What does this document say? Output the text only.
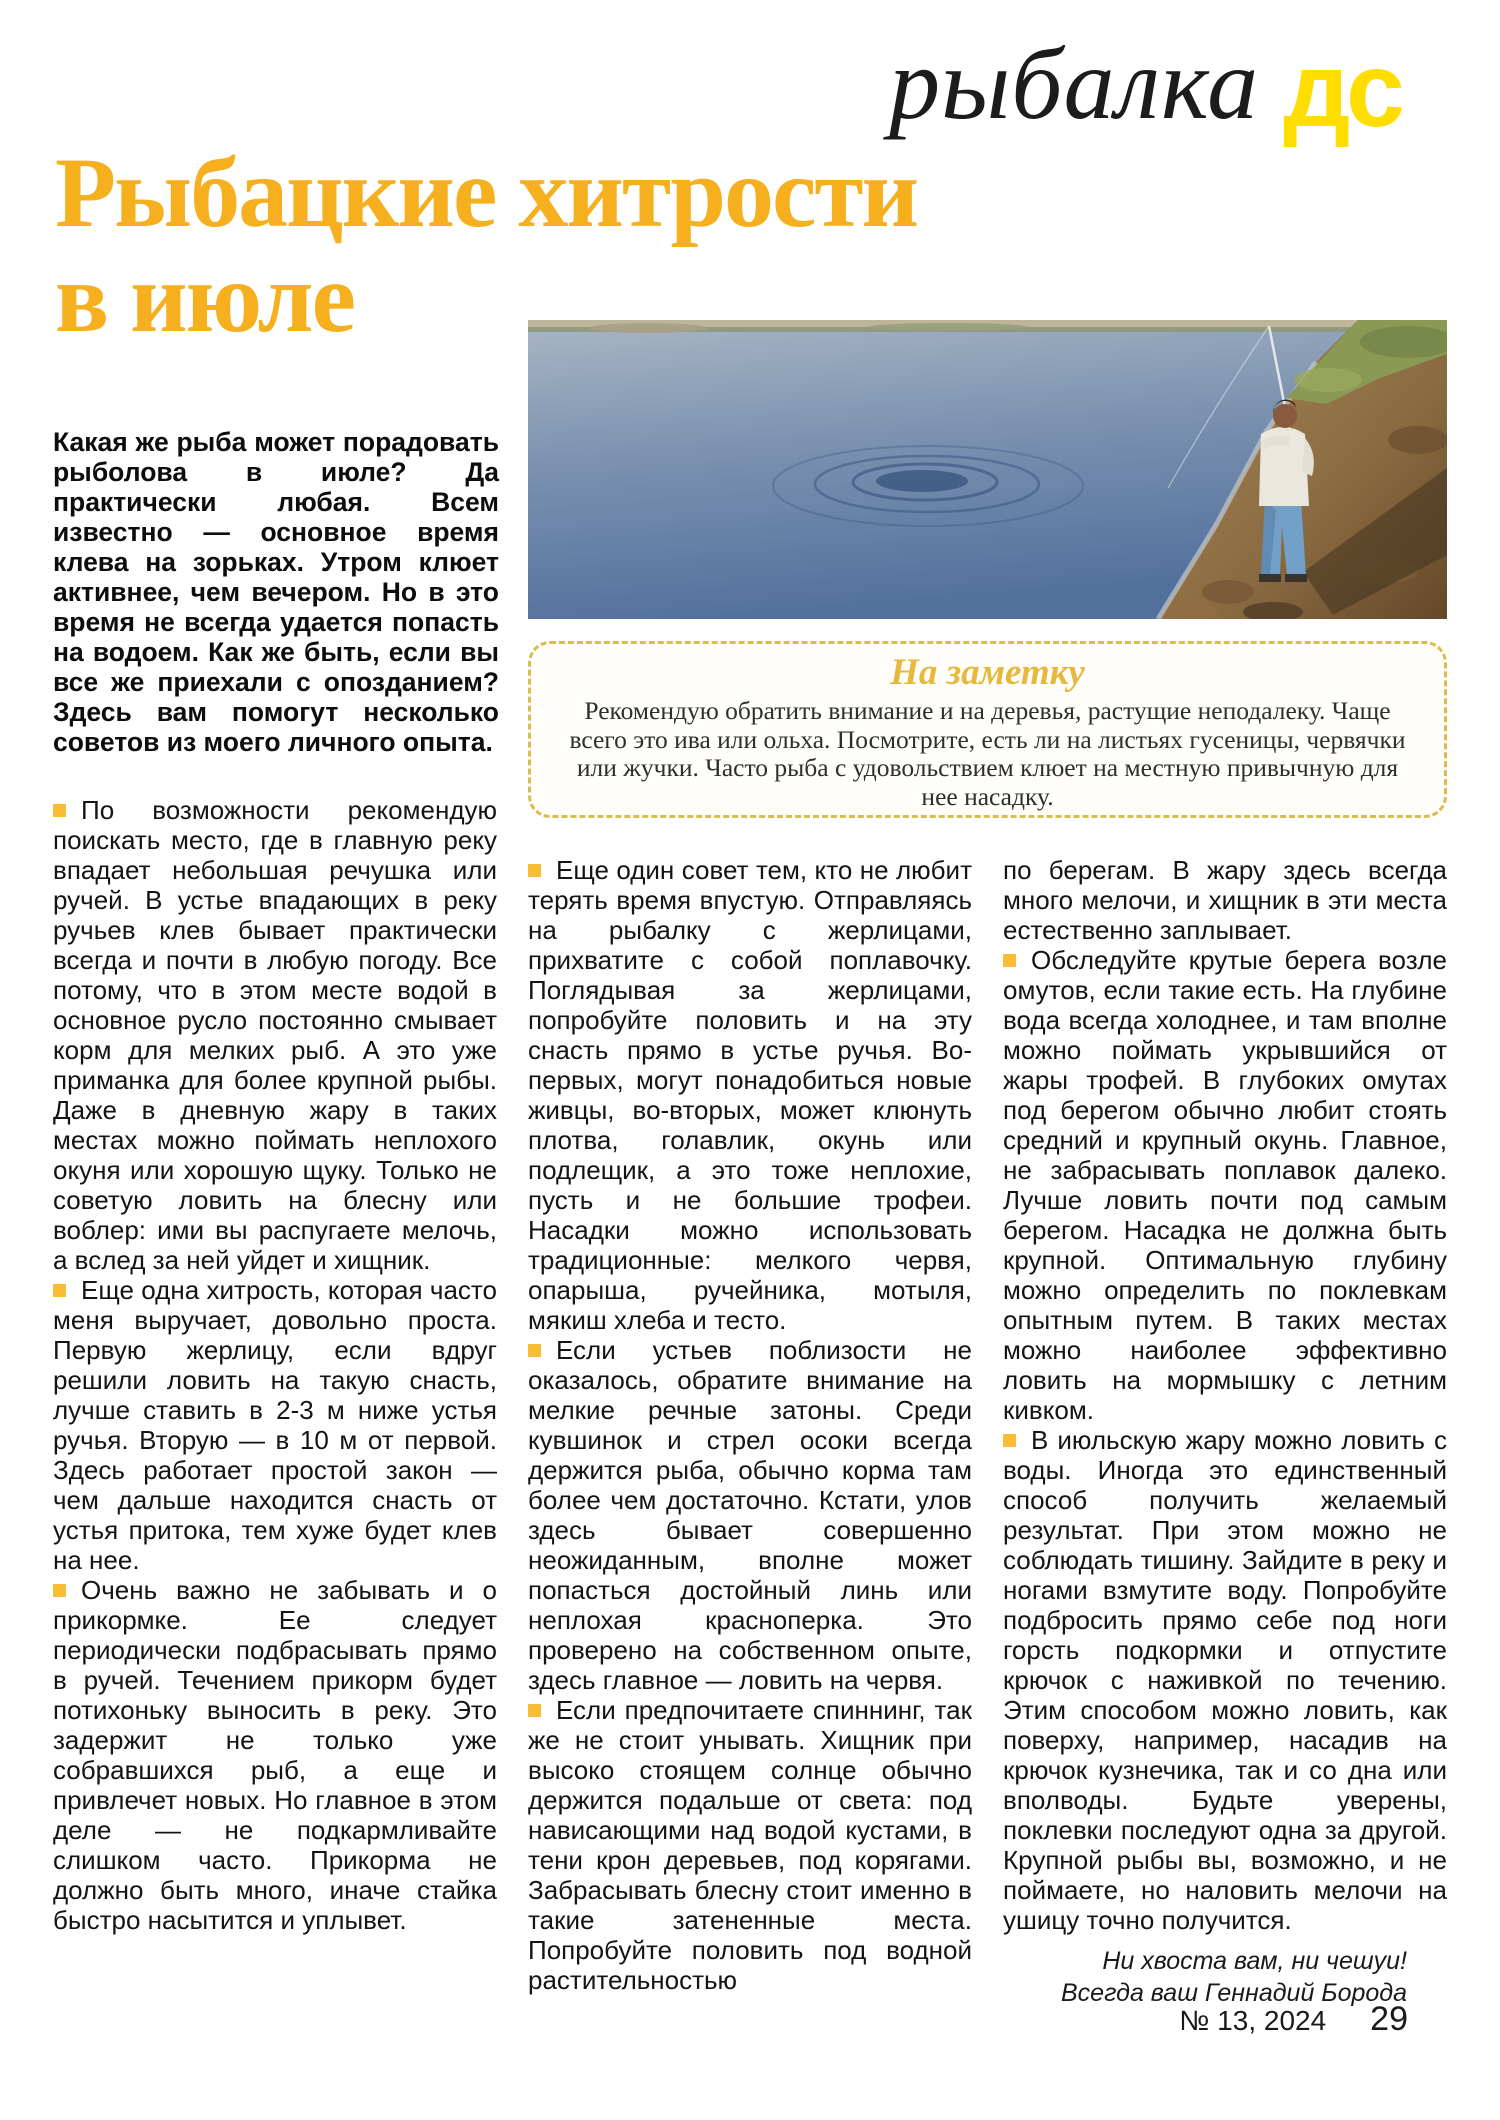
рыбалка дс
Рыбацкие хитрости
в июле

Какая же рыба может порадовать рыболова в июле? Да практически любая. Всем известно — основное время клева на зорьках. Утром клюет активнее, чем вечером. Но в это время не всегда удается попасть на водоем. Как же быть, если вы все же приехали с опозданием? Здесь вам помогут несколько советов из моего личного опыта.

На заметку
Рекомендую обратить внимание и на деревья, растущие неподалеку. Чаще всего это ива или ольха. Посмотрите, есть ли на листьях гусеницы, червячки или жучки. Часто рыба с удовольствием клюет на местную привычную для нее насадку.

По возможности рекомендую поискать место, где в главную реку впадает небольшая речушка или ручей. В устье впадающих в реку ручьев клев бывает практически всегда и почти в любую погоду. Все потому, что в этом месте водой в основное русло постоянно смывает корм для мелких рыб. А это уже приманка для более крупной рыбы. Даже в дневную жару в таких местах можно поймать неплохого окуня или хорошую щуку. Только не советую ловить на блесну или воблер: ими вы распугаете мелочь, а вслед за ней уйдет и хищник.

Еще одна хитрость, которая часто меня выручает, довольно проста. Первую жерлицу, если вдруг решили ловить на такую снасть, лучше ставить в 2-3 м ниже устья ручья. Вторую — в 10 м от первой. Здесь работает простой закон — чем дальше находится снасть от устья притока, тем хуже будет клев на нее.

Очень важно не забывать и о прикормке. Ее следует периодически подбрасывать прямо в ручей. Течением прикорм будет потихоньку выносить в реку. Это задержит не только уже собравшихся рыб, а еще и привлечет новых. Но главное в этом деле — не подкармливайте слишком часто. Прикорма не должно быть много, иначе стайка быстро насытится и уплывет.

Еще один совет тем, кто не любит терять время впустую. Отправляясь на рыбалку с жерлицами, прихватите с собой поплавочку. Поглядывая за жерлицами, попробуйте половить и на эту снасть прямо в устье ручья. Во-первых, могут понадобиться новые живцы, во-вторых, может клюнуть плотва, голавлик, окунь или подлещик, а это тоже неплохие, пусть и не большие трофеи. Насадки можно использовать традиционные: мелкого червя, опарыша, ручейника, мотыля, мякиш хлеба и тесто.

Если устьев поблизости не оказалось, обратите внимание на мелкие речные затоны. Среди кувшинок и стрел осоки всегда держится рыба, обычно корма там более чем достаточно. Кстати, улов здесь бывает совершенно неожиданным, вполне может попасться достойный линь или неплохая красноперка. Это проверено на собственном опыте, здесь главное — ловить на червя.

Если предпочитаете спиннинг, так же не стоит унывать. Хищник при высоко стоящем солнце обычно держится подальше от света: под нависающими над водой кустами, в тени крон деревьев, под корягами. Забрасывать блесну стоит именно в такие затененные места. Попробуйте половить под водной растительностью

по берегам. В жару здесь всегда много мелочи, и хищник в эти места естественно заплывает.

Обследуйте крутые берега возле омутов, если такие есть. На глубине вода всегда холоднее, и там вполне можно поймать укрывшийся от жары трофей. В глубоких омутах под берегом обычно любит стоять средний и крупный окунь. Главное, не забрасывать поплавок далеко. Лучше ловить почти под самым берегом. Насадка не должна быть крупной. Оптимальную глубину можно определить по поклевкам опытным путем. В таких местах можно наиболее эффективно ловить на мормышку с летним кивком.

В июльскую жару можно ловить с воды. Иногда это единственный способ получить желаемый результат. При этом можно не соблюдать тишину. Зайдите в реку и ногами взмутите воду. Попробуйте подбросить прямо себе под ноги горсть подкормки и отпустите крючок с наживкой по течению. Этим способом можно ловить, как поверху, например, насадив на крючок кузнечика, так и со дна или вполводы. Будьте уверены, поклевки последуют одна за другой. Крупной рыбы вы, возможно, и не поймаете, но наловить мелочи на ушицу точно получится.

Ни хвоста вам, ни чешуи!
Всегда ваш Геннадий Борода
№ 13, 2024 29
